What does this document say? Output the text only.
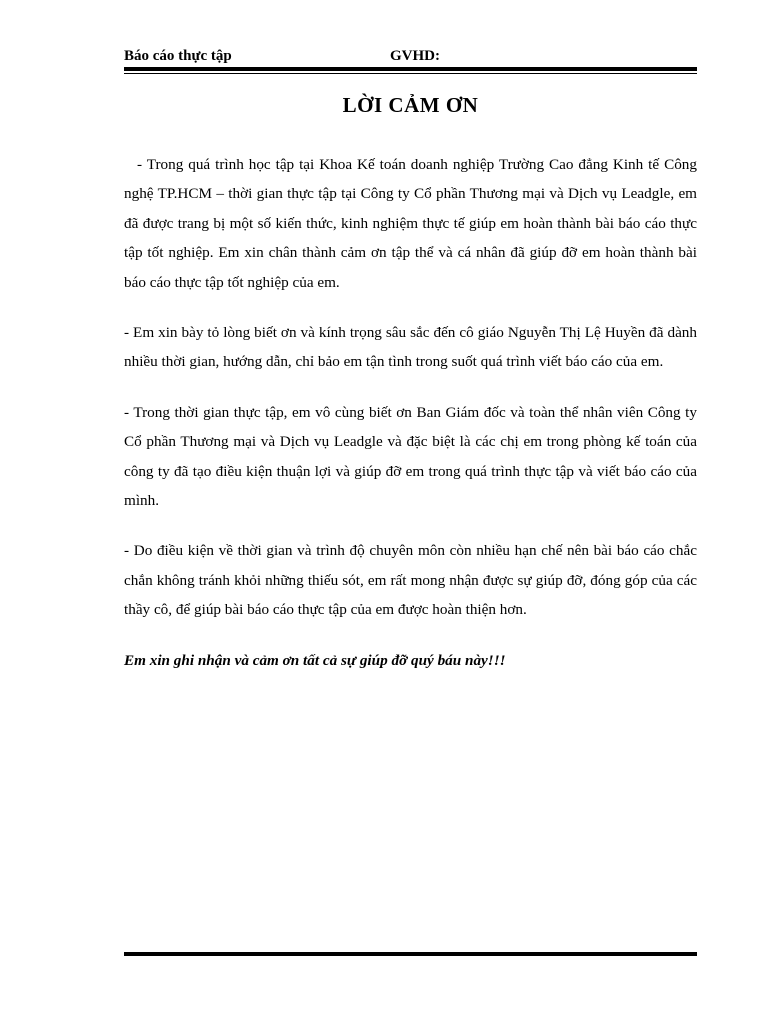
Báo cáo thực tập	GVHD:
LỜI CẢM ƠN

- Trong quá trình học tập tại Khoa Kế toán doanh nghiệp Trường Cao đẳng Kinh tế Công nghệ TP.HCM – thời gian thực tập tại Công ty Cổ phần Thương mại và Dịch vụ Leadgle, em đã được trang bị một số kiến thức, kinh nghiệm thực tế giúp em hoàn thành bài báo cáo thực tập tốt nghiệp. Em xin chân thành cảm ơn tập thể và cá nhân đã giúp đỡ em hoàn thành bài báo cáo thực tập tốt nghiệp của em.

- Em xin bày tỏ lòng biết ơn và kính trọng sâu sắc đến cô giáo Nguyễn Thị Lệ Huyền đã dành nhiều thời gian, hướng dẫn, chỉ bảo em tận tình trong suốt quá trình viết báo cáo của em.

- Trong thời gian thực tập, em vô cùng biết ơn Ban Giám đốc và toàn thể nhân viên Công ty Cổ phần Thương mại và Dịch vụ Leadgle và đặc biệt là các chị em trong phòng kế toán của công ty đã tạo điều kiện thuận lợi và giúp đỡ em trong quá trình thực tập và viết báo cáo của mình.

- Do điều kiện về thời gian và trình độ chuyên môn còn nhiều hạn chế nên bài báo cáo chắc chắn không tránh khỏi những thiếu sót, em rất mong nhận được sự giúp đỡ, đóng góp của các thầy cô, để giúp bài báo cáo thực tập của em được hoàn thiện hơn.

Em xin ghi nhận và cảm ơn tất cả sự giúp đỡ quý báu này!!!
